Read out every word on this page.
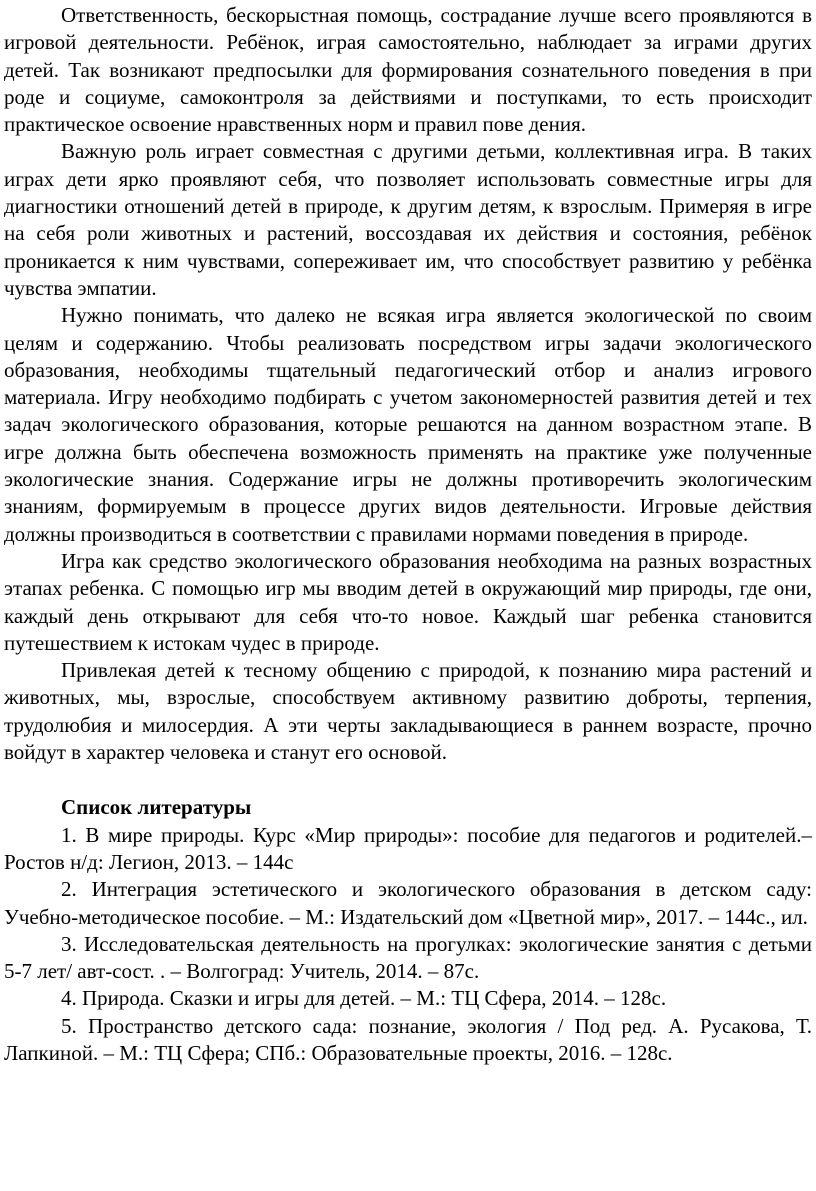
Ответственность, бескорыстная помощь, сострадание лучше всего проявляются в игровой деятельности. Ребёнок, играя самостоятельно, наблюдает за играми других детей. Так возникают предпосылки для формирования сознательного поведения в при роде и социуме, самоконтроля за действиями и поступками, то есть происходит практическое освоение нравственных норм и правил пове дения.

Важную роль играет совместная с другими детьми, коллективная игра. В таких играх дети ярко проявляют себя, что позволяет использовать совместные игры для диагностики отношений детей в природе, к другим детям, к взрослым. Примеряя в игре на себя роли животных и растений, воссоздавая их действия и состояния, ребёнок проникается к ним чувствами, сопереживает им, что способствует развитию у ребёнка чувства эмпатии.

Нужно понимать, что далеко не всякая игра является экологической по своим целям и содержанию. Чтобы реализовать посредством игры задачи экологического образования, необходимы тщательный педагогический отбор и анализ игрового материала. Игру необходимо подбирать с учетом закономерностей развития детей и тех задач экологического образования, которые решаются на данном возрастном этапе. В игре должна быть обеспечена возможность применять на практике уже полученные экологические знания. Содержание игры не должны противоречить экологическим знаниям, формируемым в процессе других видов деятельности. Игровые действия должны производиться в соответствии с правилами нормами поведения в природе.

Игра как средство экологического образования необходима на разных возрастных этапах ребенка. С помощью игр мы вводим детей в окружающий мир природы, где они, каждый день открывают для себя что-то новое. Каждый шаг ребенка становится путешествием к истокам чудес в природе.

Привлекая детей к тесному общению с природой, к познанию мира растений и животных, мы, взрослые, способствуем активному развитию доброты, терпения, трудолюбия и милосердия. А эти черты закладывающиеся в раннем возрасте, прочно войдут в характер человека и станут его основой.

Список литературы

1. В мире природы. Курс «Мир природы»: пособие для педагогов и родителей.– Ростов н/д: Легион, 2013. – 144с

2. Интеграция эстетического и экологического образования в детском саду: Учебно-методическое пособие. – М.: Издательский дом «Цветной мир», 2017. – 144с., ил.

3. Исследовательская деятельность на прогулках: экологические занятия с детьми 5-7 лет/ авт-сост. . – Волгоград: Учитель, 2014. – 87с.

4. Природа. Сказки и игры для детей. – М.: ТЦ Сфера, 2014. – 128с.

5. Пространство детского сада: познание, экология / Под ред. А. Русакова, Т. Лапкиной. – М.: ТЦ Сфера; СПб.: Образовательные проекты, 2016. – 128с.
